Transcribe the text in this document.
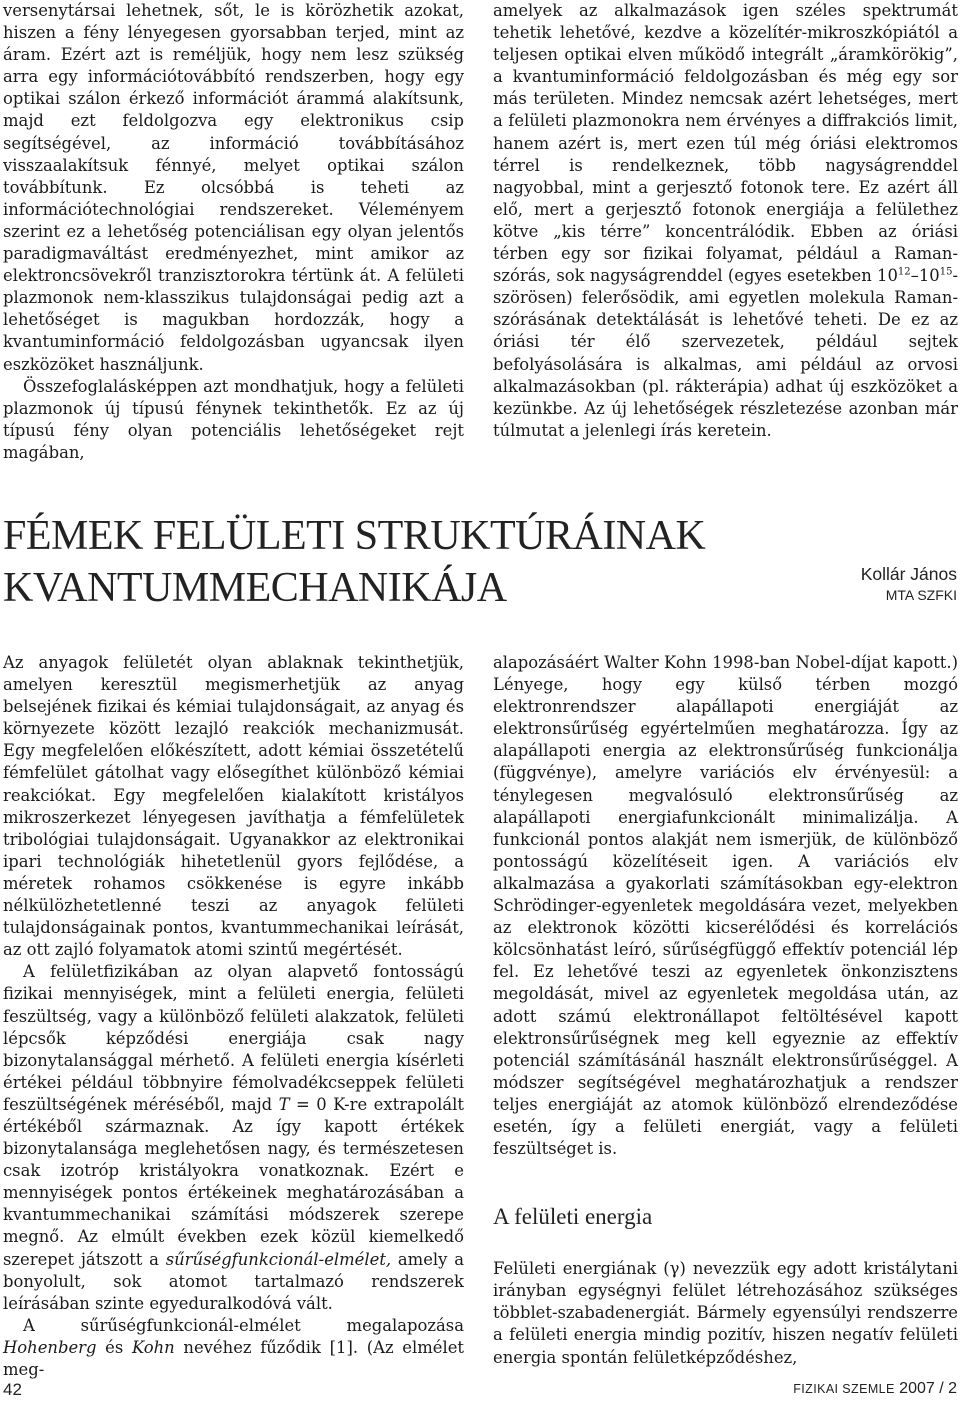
versenytársai lehetnek, sőt, le is körözhetik azokat, hiszen a fény lényegesen gyorsabban terjed, mint az áram. Ezért azt is reméljük, hogy nem lesz szükség arra egy információtovábbító rendszerben, hogy egy optikai szálon érkező információt árammá alakítsunk, majd ezt feldolgozva egy elektronikus csip segítségével, az információ továbbításához visszaalakítsuk fénnyé, melyet optikai szálon továbbítunk. Ez olcsóbbá is teheti az információtechnológiai rendszereket. Véleményem szerint ez a lehetőség potenciálisan egy olyan jelentős paradigmaváltást eredményezhet, mint amikor az elektroncsövekről tranzisztorokra tértünk át. A felületi plazmonok nem-klasszikus tulajdonságai pedig azt a lehetőséget is magukban hordozzák, hogy a kvantuminformáció feldolgozásban ugyancsak ilyen eszközöket használjunk.

Összefoglalásképpen azt mondhatjuk, hogy a felületi plazmonok új típusú fénynek tekinthetők. Ez az új típusú fény olyan potenciális lehetőségeket rejt magában,

amelyek az alkalmazások igen széles spektrumát tehetik lehetővé, kezdve a közelítér-mikroszkópiától a teljesen optikai elven működő integrált „áramkörökig”, a kvantuminformáció feldolgozásban és még egy sor más területen. Mindez nemcsak azért lehetséges, mert a felületi plazmonokra nem érvényes a diffrakciós limit, hanem azért is, mert ezen túl még óriási elektromos térrel is rendelkeznek, több nagyságrenddel nagyobbal, mint a gerjesztő fotonok tere. Ez azért áll elő, mert a gerjesztő fotonok energiája a felülethez kötve „kis térre” koncentrálódik. Ebben az óriási térben egy sor fizikai folyamat, például a Raman-szórás, sok nagyságrenddel (egyes esetekben $10^{12}-10^{15}-szörösen$) felerősödik, ami egyetlen molekula Raman-szórásának detektálását is lehetővé teheti. De ez az óriási tér élő szervezetek, például sejtek befolyásolására is alkalmas, ami például az orvosi alkalmazásokban (pl. rákterápia) adhat új eszközöket a kezünkbe. Az új lehetőségek részletezése azonban már túlmutat a jelenlegi írás keretein.

FÉMEK FELÜLETI STRUKTÚRÁINAK KVANTUMMECHANIKÁJA	Kollár János
MTA SZFKI

Az anyagok felületét olyan ablaknak tekinthetjük, amelyen keresztül megismerhetjük az anyag belsejének fizikai és kémiai tulajdonságait, az anyag és környezete között lezajló reakciók mechanizmusát. Egy megfelelően előkészített, adott kémiai összetételű fémfelület gátolhat vagy elősegíthet különböző kémiai reakciókat. Egy megfelelően kialakított kristályos mikroszerkezet lényegesen javíthatja a fémfelületek tribológiai tulajdonságait. Ugyanakkor az elektronikai ipari technológiák hihetetlenül gyors fejlődése, a méretek rohamos csökkenése is egyre inkább nélkülözhetetlenné teszi az anyagok felületi tulajdonságainak pontos, kvantummechanikai leírását, az ott zajló folyamatok atomi szintű megértését.

A felületfizikában az olyan alapvető fontosságú fizikai mennyiségek, mint a felületi energia, felületi feszültség, vagy a különböző felületi alakzatok, felületi lépcsők képződési energiája csak nagy bizonytalansággal mérhető. A felületi energia kísérleti értékei például többnyire fémolvadékcseppek felületi feszültségének méréséből, majd T = 0 K-re extrapolált értékéből származnak. Az így kapott értékek bizonytalansága meglehetősen nagy, és természetesen csak izotróp kristályokra vonatkoznak. Ezért e mennyiségek pontos értékeinek meghatározásában a kvantummechanikai számítási módszerek szerepe megnő. Az elmúlt években ezek közül kiemelkedő szerepet játszott a sűrűségfunkcionál-elmélet, amely a bonyolult, sok atomot tartalmazó rendszerek leírásában szinte egyeduralkodóvá vált.

A sűrűségfunkcionál-elmélet megalapozása Hohenberg és Kohn nevéhez fűződik [1]. (Az elmélet meg-

alapozásáért Walter Kohn 1998-ban Nobel-díjat kapott.) Lényege, hogy egy külső térben mozgó elektronrendszer alapállapoti energiáját az elektronsűrűség egyértelműen meghatározza. Így az alapállapoti energia az elektronsűrűség funkcionálja (függvénye), amelyre variációs elv érvényesül: a ténylegesen megvalósuló elektronsűrűség az alapállapoti energiafunkcionált minimalizálja. A funkcionál pontos alakját nem ismerjük, de különböző pontosságú közelítéseit igen. A variációs elv alkalmazása a gyakorlati számításokban egy-elektron Schrödinger-egyenletek megoldására vezet, melyekben az elektronok közötti kicserélődési és korrelációs kölcsönhatást leíró, sűrűségfüggő effektív potenciál lép fel. Ez lehetővé teszi az egyenletek önkonzisztens megoldását, mivel az egyenletek megoldása után, az adott számú elektronállapot feltöltésével kapott elektronsűrűségnek meg kell egyeznie az effektív potenciál számításánál használt elektronsűrűséggel. A módszer segítségével meghatározhatjuk a rendszer teljes energiáját az atomok különböző elrendeződése esetén, így a felületi energiát, vagy a felületi feszültséget is.

A felületi energia

Felületi energiának (γ) nevezzük egy adott kristálytani irányban egységnyi felület létrehozásához szükséges többlet-szabadenergiát. Bármely egyensúlyi rendszerre a felületi energia mindig pozitív, hiszen negatív felületi energia spontán felületképződéshez,

42	FIZIKAI SZEMLE 2007 / 2
